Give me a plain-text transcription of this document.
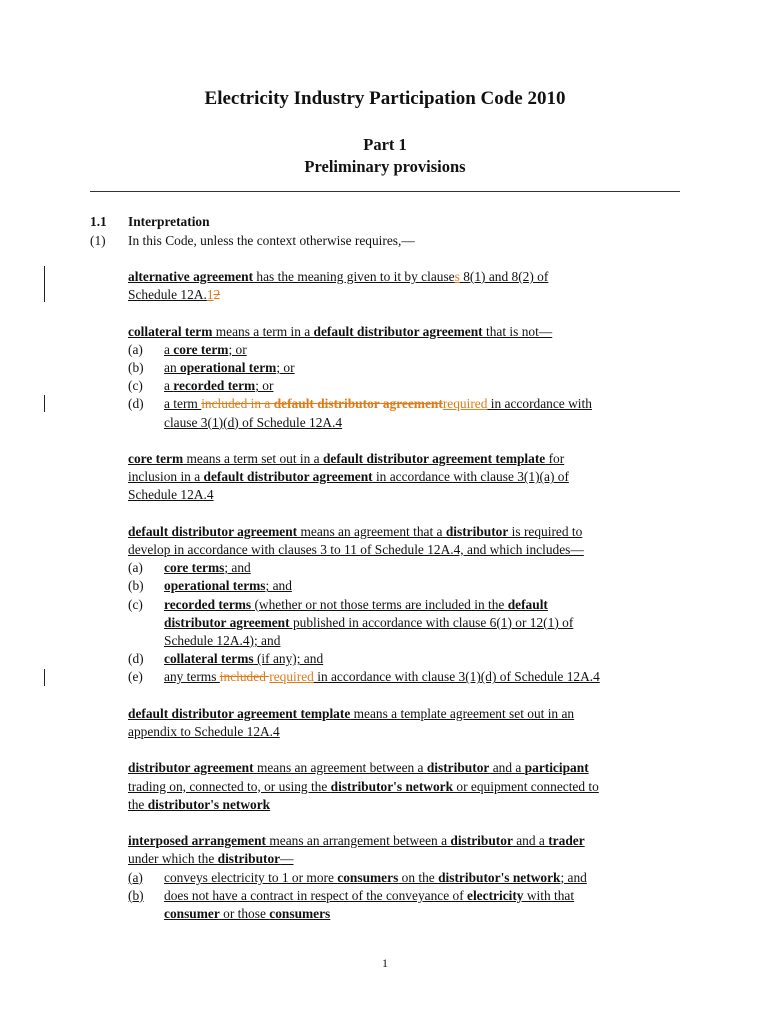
Electricity Industry Participation Code 2010
Part 1
Preliminary provisions
1.1 Interpretation
(1) In this Code, unless the context otherwise requires,—
alternative agreement has the meaning given to it by clauses 8(1) and 8(2) of
Schedule 12A.12
collateral term means a term in a default distributor agreement that is not—
(a) a core term; or
(b) an operational term; or
(c) a recorded term; or
(d) a term included in a default distributor agreementrequired in accordance with
clause 3(1)(d) of Schedule 12A.4
core term means a term set out in a default distributor agreement template for
inclusion in a default distributor agreement in accordance with clause 3(1)(a) of
Schedule 12A.4
default distributor agreement means an agreement that a distributor is required to
develop in accordance with clauses 3 to 11 of Schedule 12A.4, and which includes—
(a) core terms; and
(b) operational terms; and
(c) recorded terms (whether or not those terms are included in the default
distributor agreement published in accordance with clause 6(1) or 12(1) of
Schedule 12A.4); and
(d) collateral terms (if any); and
(e) any terms included required in accordance with clause 3(1)(d) of Schedule 12A.4
default distributor agreement template means a template agreement set out in an
appendix to Schedule 12A.4
distributor agreement means an agreement between a distributor and a participant
trading on, connected to, or using the distributor's network or equipment connected to
the distributor's network
interposed arrangement means an arrangement between a distributor and a trader
under which the distributor—
(a) conveys electricity to 1 or more consumers on the distributor's network; and
(b) does not have a contract in respect of the conveyance of electricity with that
consumer or those consumers
1
